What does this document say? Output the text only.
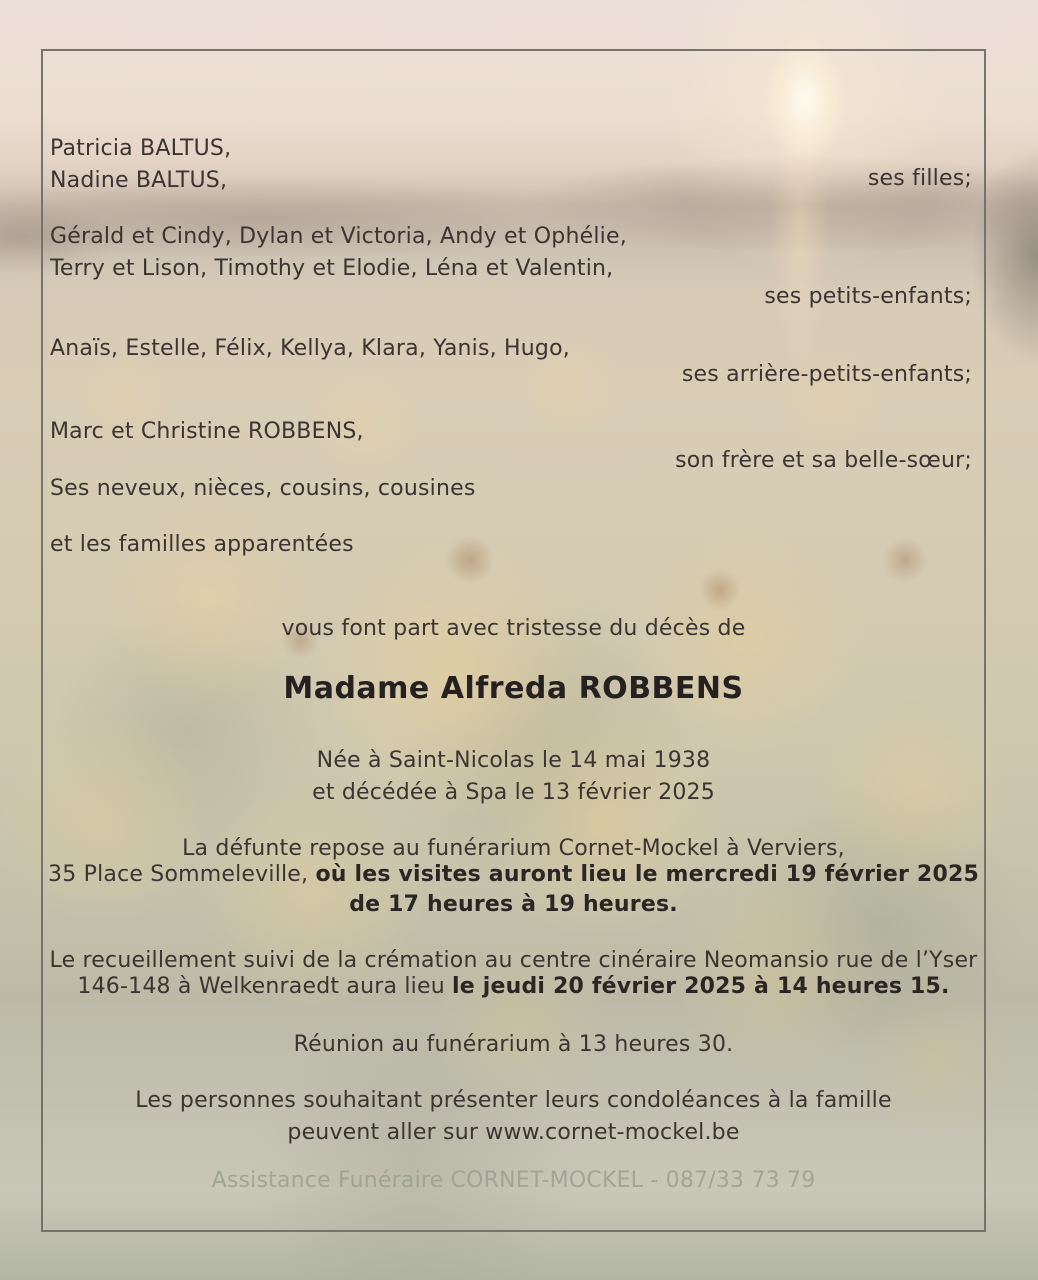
Patricia BALTUS,
Nadine BALTUS,	ses filles;
Gérald et Cindy, Dylan et Victoria, Andy et Ophélie,
Terry et Lison, Timothy et Elodie, Léna et Valentin,
ses petits-enfants;
Anaïs, Estelle, Félix, Kellya, Klara, Yanis, Hugo,
ses arrière-petits-enfants;
Marc et Christine ROBBENS,
son frère et sa belle-sœur;
Ses neveux, nièces, cousins, cousines
et les familles apparentées
vous font part avec tristesse du décès de
Madame Alfreda ROBBENS
Née à Saint-Nicolas le 14 mai 1938
et décédée à Spa le 13 février 2025
La défunte repose au funérarium Cornet-Mockel à Verviers,
35 Place Sommeleville, où les visites auront lieu le mercredi 19 février 2025
de 17 heures à 19 heures.
Le recueillement suivi de la crémation au centre cinéraire Neomansio rue de l’Yser
146-148 à Welkenraedt aura lieu le jeudi 20 février 2025 à 14 heures 15.
Réunion au funérarium à 13 heures 30.
Les personnes souhaitant présenter leurs condoléances à la famille
peuvent aller sur www.cornet-mockel.be
Assistance Funéraire CORNET-MOCKEL - 087/33 73 79
